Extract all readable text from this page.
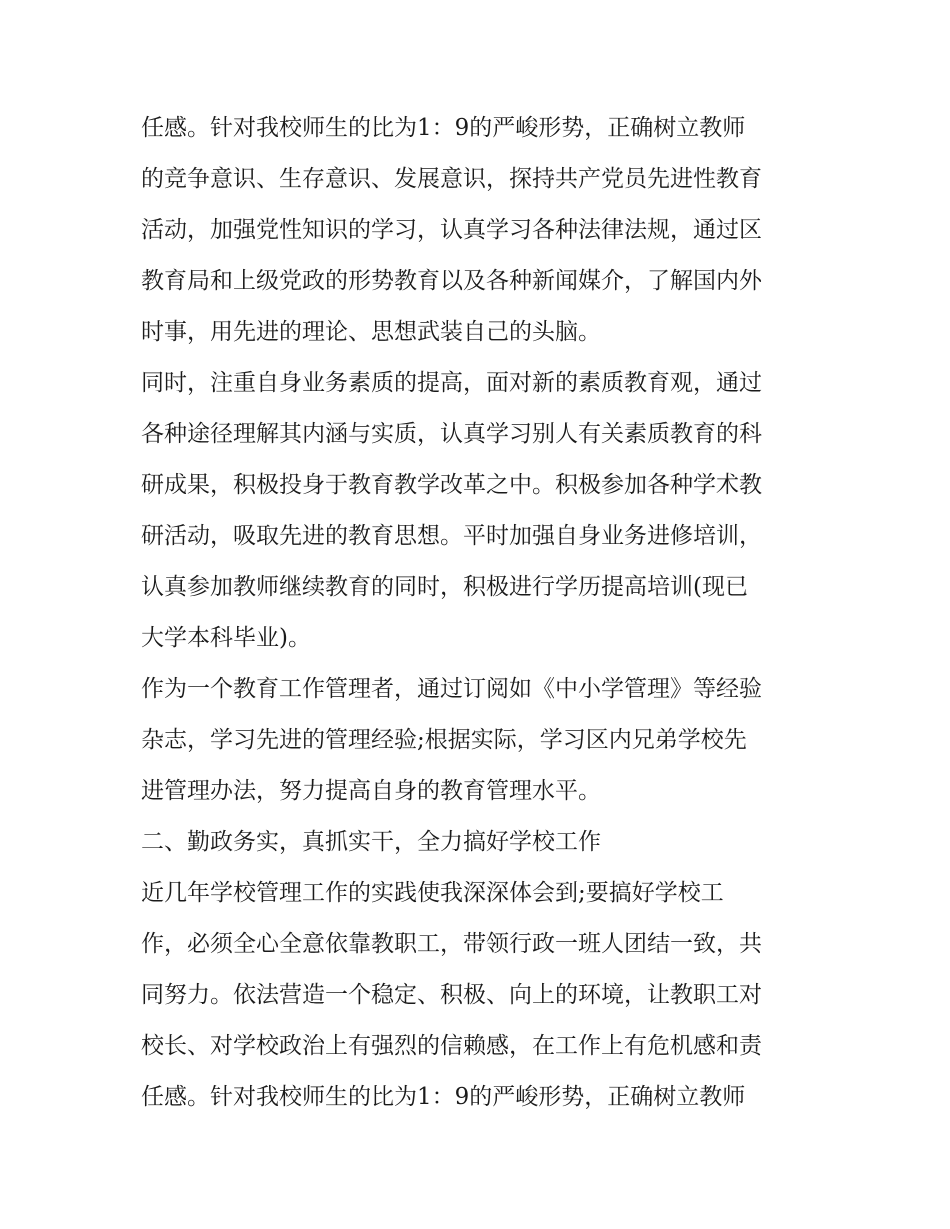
任感。针对我校师生的比为1：9的严峻形势，正确树立教师
的竞争意识、生存意识、发展意识，探持共产党员先进性教育
活动，加强党性知识的学习，认真学习各种法律法规，通过区
教育局和上级党政的形势教育以及各种新闻媒介，了解国内外
时事，用先进的理论、思想武装自己的头脑。
同时，注重自身业务素质的提高，面对新的素质教育观，通过
各种途径理解其内涵与实质，认真学习别人有关素质教育的科
研成果，积极投身于教育教学改革之中。积极参加各种学术教
研活动，吸取先进的教育思想。平时加强自身业务进修培训，
认真参加教师继续教育的同时，积极进行学历提高培训(现已
大学本科毕业)。
作为一个教育工作管理者，通过订阅如《中小学管理》等经验
杂志，学习先进的管理经验;根据实际，学习区内兄弟学校先
进管理办法，努力提高自身的教育管理水平。
二、勤政务实，真抓实干，全力搞好学校工作
近几年学校管理工作的实践使我深深体会到;要搞好学校工
作，必须全心全意依靠教职工，带领行政一班人团结一致，共
同努力。依法营造一个稳定、积极、向上的环境，让教职工对
校长、对学校政治上有强烈的信赖感，在工作上有危机感和责
任感。针对我校师生的比为1：9的严峻形势，正确树立教师
